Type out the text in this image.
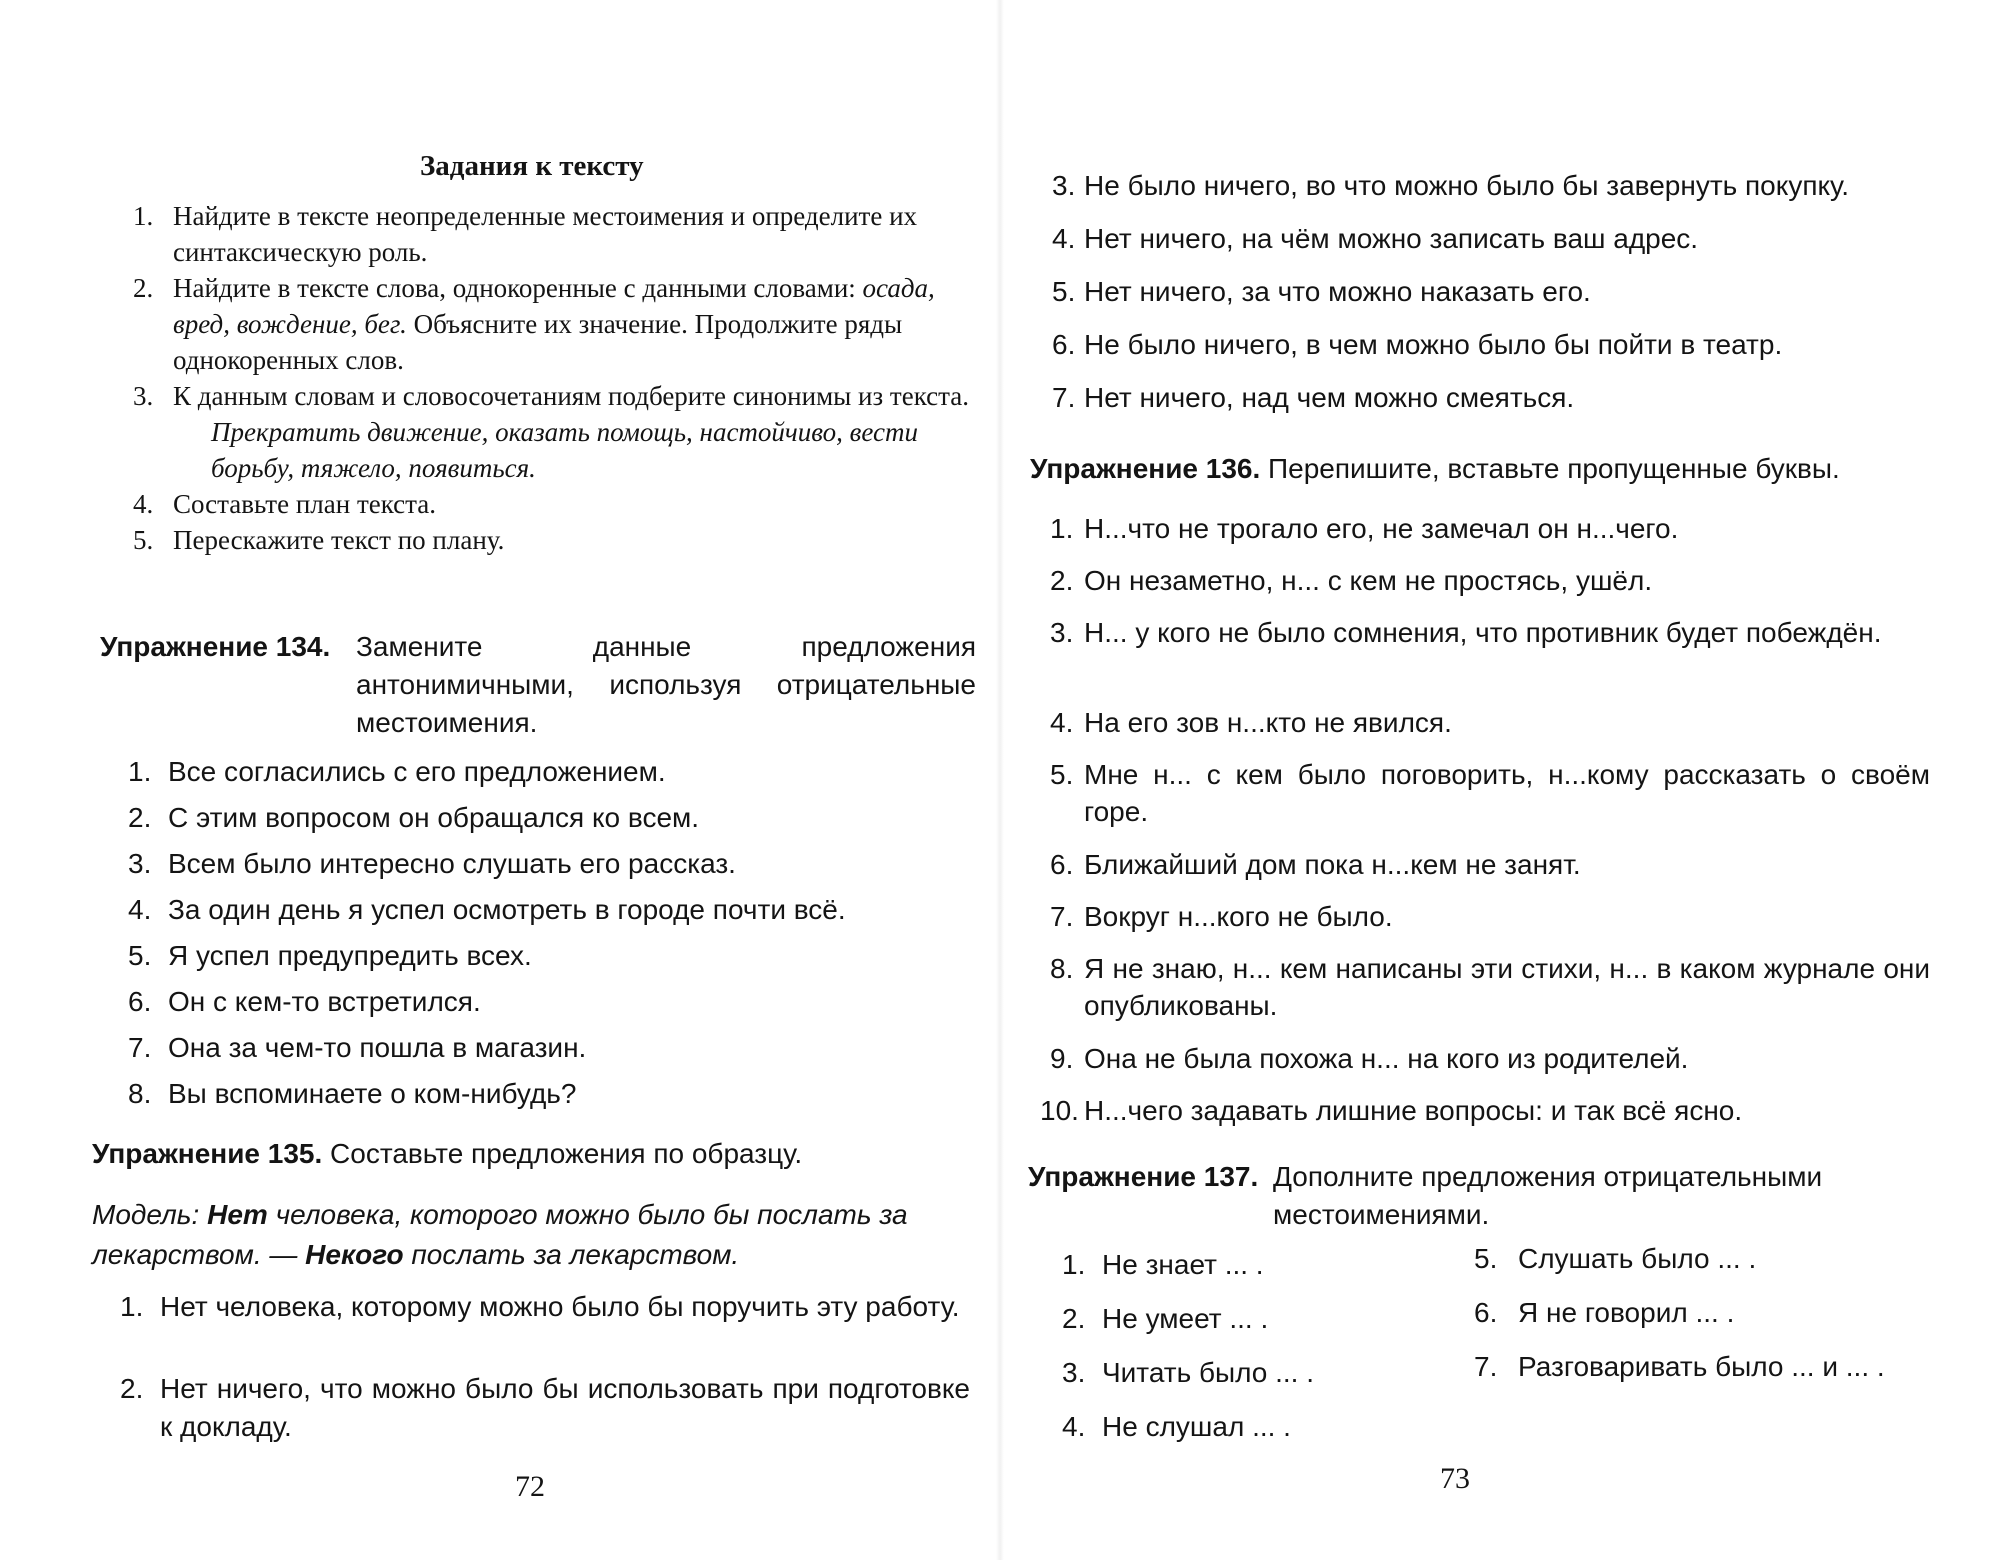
Задания к тексту
1. Найдите в тексте неопределенные местоимения и определите их синтаксическую роль.
2. Найдите в тексте слова, однокоренные с данными словами: осада, вред, вождение, бег. Объясните их значение. Продолжите ряды однокоренных слов.
3. К данным словам и словосочетаниям подберите синонимы из текста.
Прекратить движение, оказать помощь, настойчиво, вести борьбу, тяжело, появиться.
4. Составьте план текста.
5. Перескажите текст по плану.
Упражнение 134. Замените данные предложения антонимичными, используя отрицательные местоимения.
1. Все согласились с его предложением.
2. С этим вопросом он обращался ко всем.
3. Всем было интересно слушать его рассказ.
4. За один день я успел осмотреть в городе почти всё.
5. Я успел предупредить всех.
6. Он с кем-то встретился.
7. Она за чем-то пошла в магазин.
8. Вы вспоминаете о ком-нибудь?
Упражнение 135. Составьте предложения по образцу.
Модель: Нет человека, которого можно было бы послать за лекарством. — Некого послать за лекарством.
1. Нет человека, которому можно было бы поручить эту работу.
2. Нет ничего, что можно было бы использовать при подготовке к докладу.
72
3. Не было ничего, во что можно было бы завернуть покупку.
4. Нет ничего, на чём можно записать ваш адрес.
5. Нет ничего, за что можно наказать его.
6. Не было ничего, в чем можно было бы пойти в театр.
7. Нет ничего, над чем можно смеяться.
Упражнение 136. Перепишите, вставьте пропущенные буквы.
1. Н...что не трогало его, не замечал он н...чего.
2. Он незаметно, н... с кем не простясь, ушёл.
3. Н... у кого не было сомнения, что противник будет побеждён.
4. На его зов н...кто не явился.
5. Мне н... с кем было поговорить, н...кому рассказать о своём горе.
6. Ближайший дом пока н...кем не занят.
7. Вокруг н...кого не было.
8. Я не знаю, н... кем написаны эти стихи, н... в каком журнале они опубликованы.
9. Она не была похожа н... на кого из родителей.
10. Н...чего задавать лишние вопросы: и так всё ясно.
Упражнение 137. Дополните предложения отрицательными местоимениями.
1. Не знает ... .
2. Не умеет ... .
3. Читать было ... .
4. Не слушал ... .
5. Слушать было ... .
6. Я не говорил ... .
7. Разговаривать было ... и ... .
73
